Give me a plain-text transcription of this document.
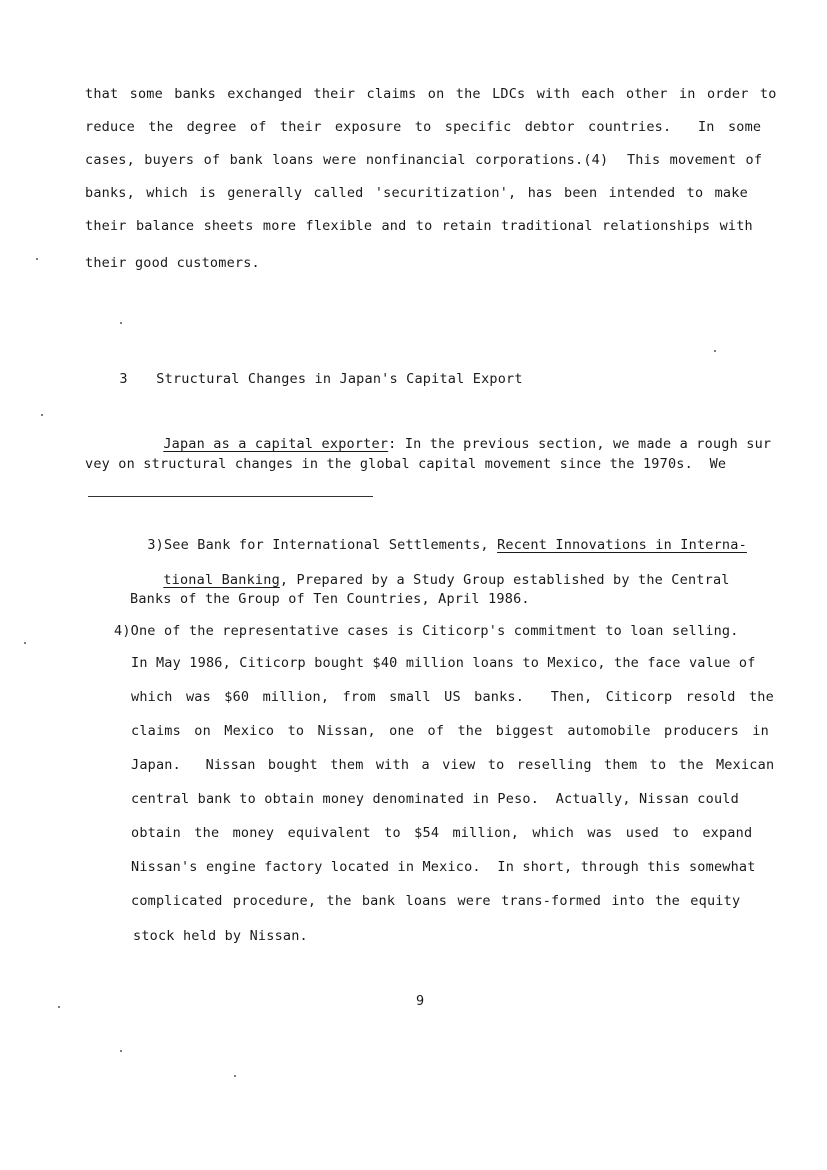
that some banks exchanged their claims on the LDCs with each other in order to
reduce the degree of their exposure to specific debtor countries.  In some
cases, buyers of bank loans were nonfinancial corporations.(4)  This movement of
banks, which is generally called 'securitization', has been intended to make
their balance sheets more flexible and to retain traditional relationships with
their good customers.

3 Structural Changes in Japan's Capital Export

Japan as a capital exporter: In the previous section, we made a rough sur

vey on structural changes in the global capital movement since the 1970s.  We

3)See Bank for International Settlements, Recent Innovations in Interna-

tional Banking, Prepared by a Study Group established by the Central

Banks of the Group of Ten Countries, April 1986.
4)One of the representative cases is Citicorp's commitment to loan selling.
In May 1986, Citicorp bought $40 million loans to Mexico, the face value of
which was $60 million, from small US banks.  Then, Citicorp resold the
claims on Mexico to Nissan, one of the biggest automobile producers in
Japan.  Nissan bought them with a view to reselling them to the Mexican
central bank to obtain money denominated in Peso.  Actually, Nissan could
obtain the money equivalent to $54 million, which was used to expand
Nissan's engine factory located in Mexico.  In short, through this somewhat
complicated procedure, the bank loans were trans-formed into the equity
stock held by Nissan.
9
